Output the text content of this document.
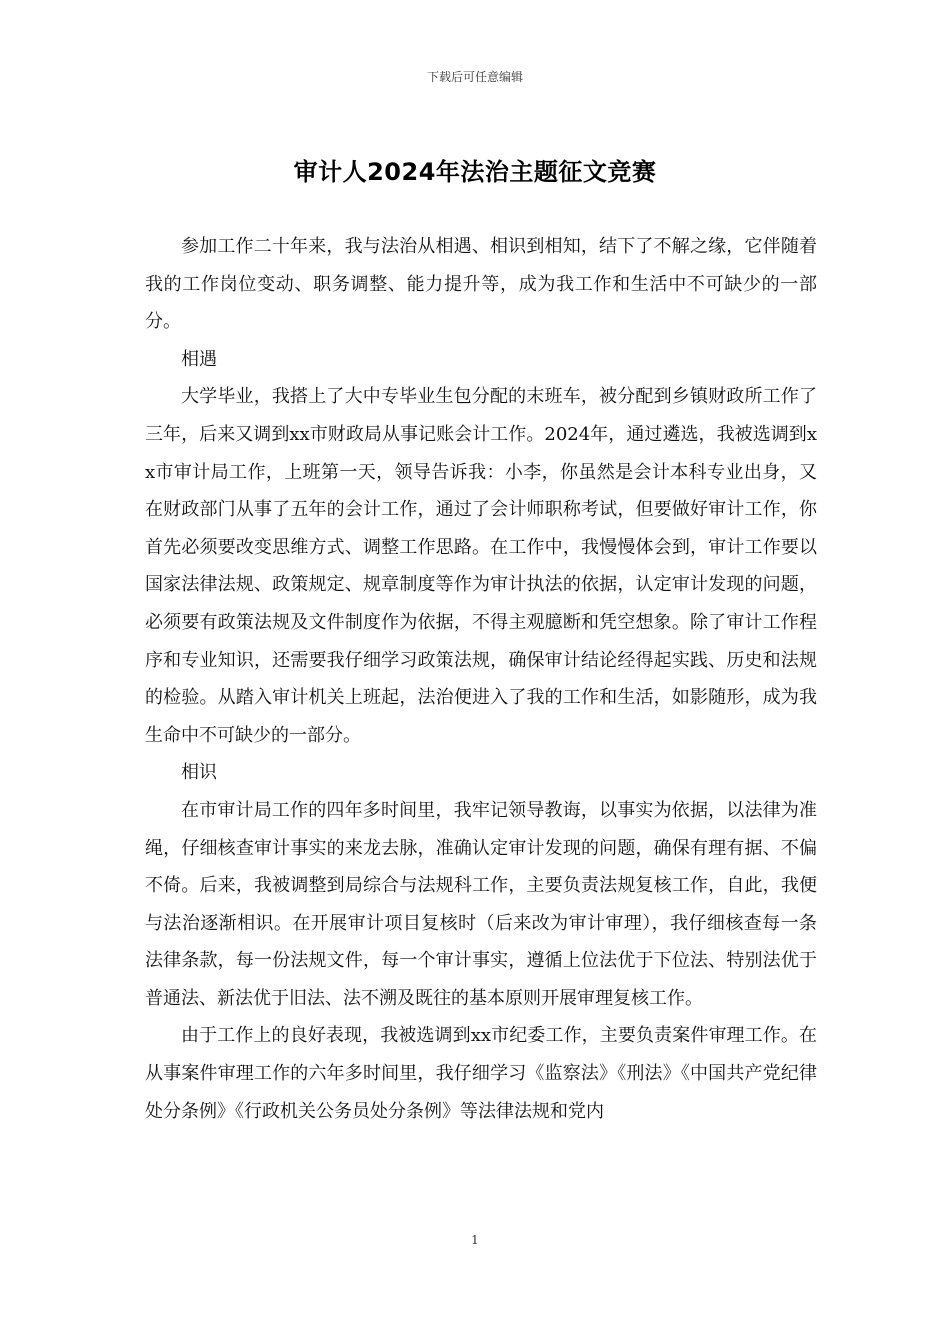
下载后可任意编辑
审计人2024年法治主题征文竞赛

参加工作二十年来，我与法治从相遇、相识到相知，结下了不解之缘，它伴随着我的工作岗位变动、职务调整、能力提升等，成为我工作和生活中不可缺少的一部分。

相遇

大学毕业，我搭上了大中专毕业生包分配的末班车，被分配到乡镇财政所工作了三年，后来又调到xx市财政局从事记账会计工作。2024年，通过遴选，我被选调到xx市审计局工作，上班第一天，领导告诉我：小李，你虽然是会计本科专业出身，又在财政部门从事了五年的会计工作，通过了会计师职称考试，但要做好审计工作，你首先必须要改变思维方式、调整工作思路。在工作中，我慢慢体会到，审计工作要以国家法律法规、政策规定、规章制度等作为审计执法的依据，认定审计发现的问题，必须要有政策法规及文件制度作为依据，不得主观臆断和凭空想象。除了审计工作程序和专业知识，还需要我仔细学习政策法规，确保审计结论经得起实践、历史和法规的检验。从踏入审计机关上班起，法治便进入了我的工作和生活，如影随形，成为我生命中不可缺少的一部分。

相识

在市审计局工作的四年多时间里，我牢记领导教诲，以事实为依据，以法律为准绳，仔细核查审计事实的来龙去脉，准确认定审计发现的问题，确保有理有据、不偏不倚。后来，我被调整到局综合与法规科工作，主要负责法规复核工作，自此，我便与法治逐渐相识。在开展审计项目复核时（后来改为审计审理），我仔细核查每一条法律条款，每一份法规文件，每一个审计事实，遵循上位法优于下位法、特别法优于普通法、新法优于旧法、法不溯及既往的基本原则开展审理复核工作。

由于工作上的良好表现，我被选调到xx市纪委工作，主要负责案件审理工作。在从事案件审理工作的六年多时间里，我仔细学习《监察法》《刑法》《中国共产党纪律处分条例》《行政机关公务员处分条例》等法律法规和党内

1
